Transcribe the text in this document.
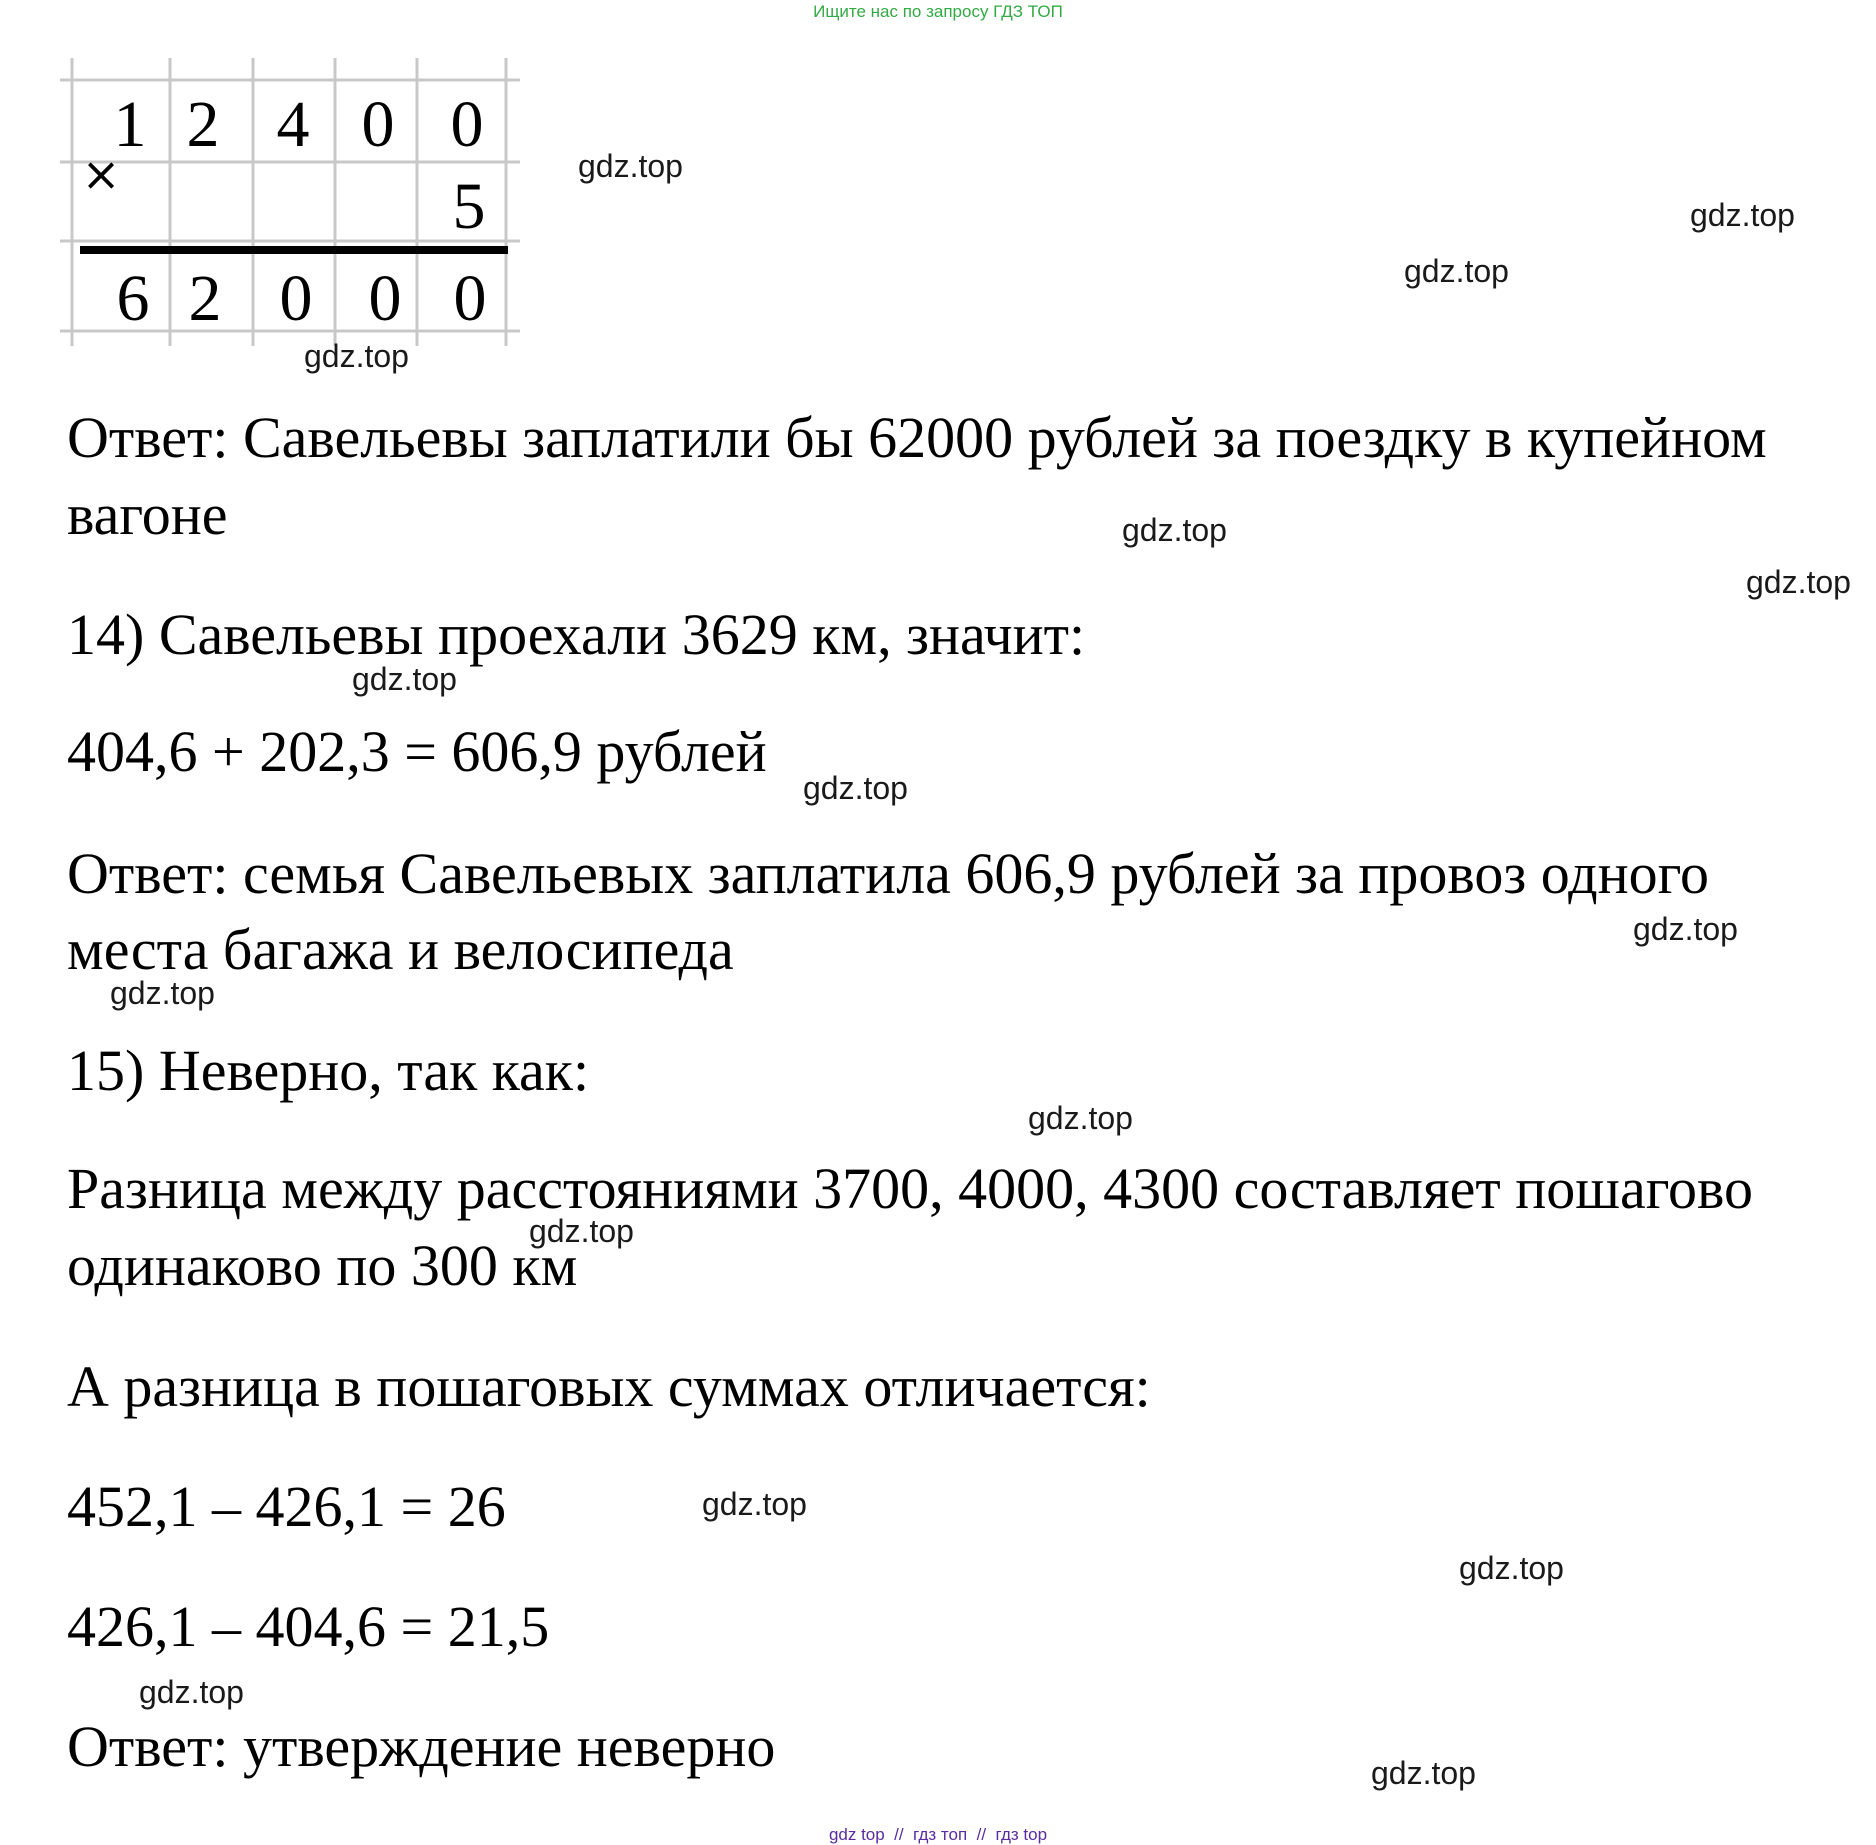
Ищите нас по запросу ГДЗ ТОП
1 2 4 0 0
5
6 2 0 0 0
×
Ответ: Савельевы заплатили бы 62000 рублей за поездку в купейном
вагоне
14) Савельевы проехали 3629 км, значит:
404,6 + 202,3 = 606,9 рублей
Ответ: семья Савельевых заплатила 606,9 рублей за провоз одного
места багажа и велосипеда
15) Неверно, так как:
Разница между расстояниями 3700, 4000, 4300 составляет пошагово
одинаково по 300 км
А разница в пошаговых суммах отличается:
452,1 – 426,1 = 26
426,1 – 404,6 = 21,5
Ответ: утверждение неверно
gdz.top
gdz.top
gdz.top
gdz.top
gdz.top
gdz.top
gdz.top
gdz.top
gdz.top
gdz.top
gdz.top
gdz.top
gdz.top
gdz.top
gdz.top
gdz.top
gdz top  //  гдз топ  //  гдз top
